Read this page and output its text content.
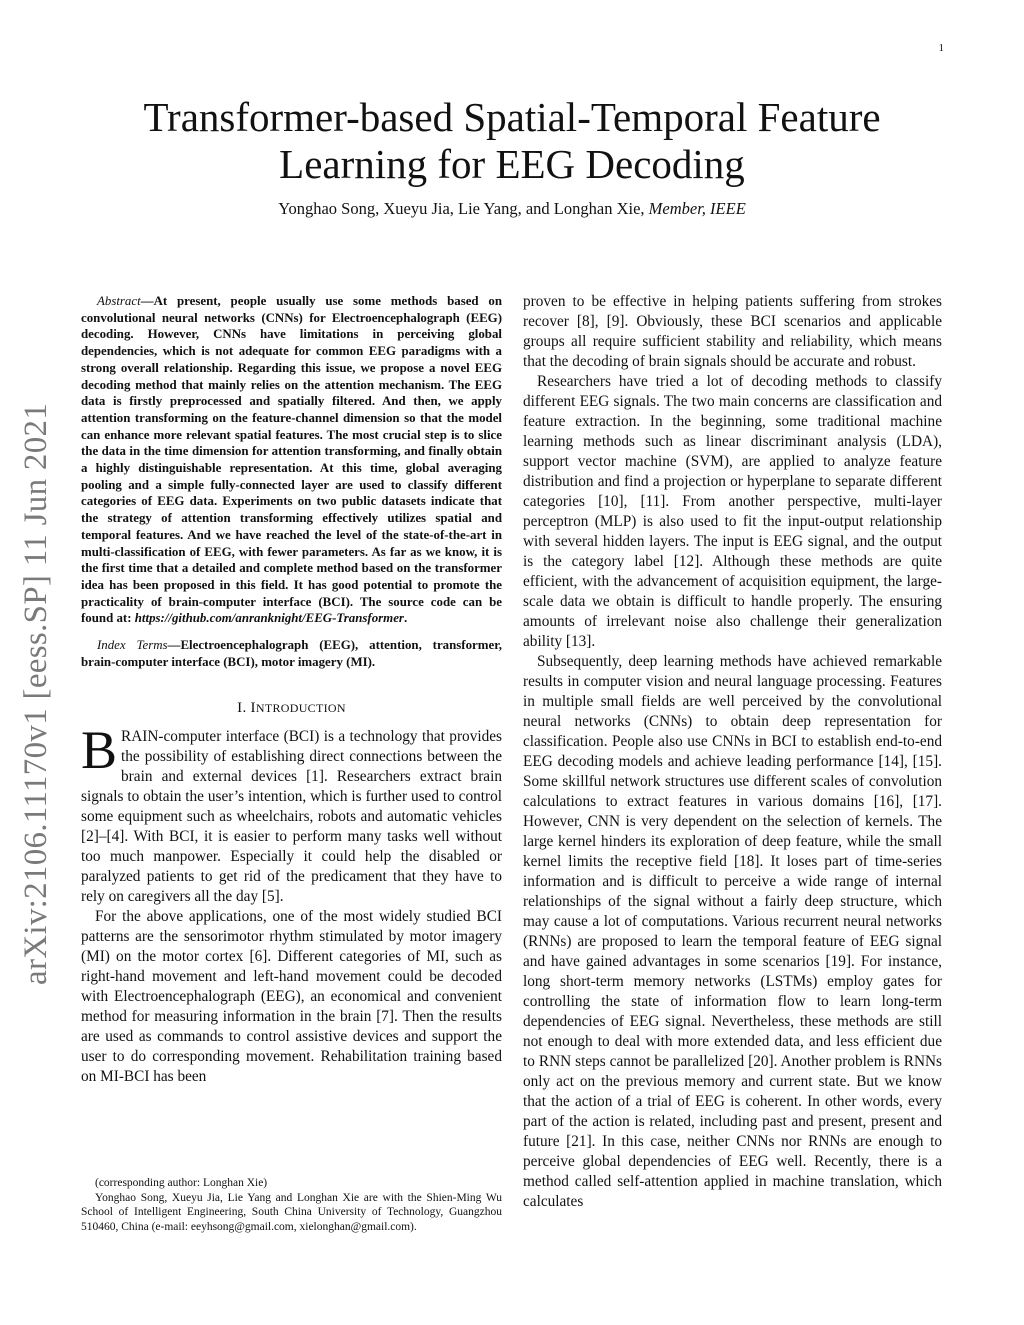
1
arXiv:2106.11170v1 [eess.SP] 11 Jun 2021
Transformer-based Spatial-Temporal Feature
Learning for EEG Decoding
Yonghao Song, Xueyu Jia, Lie Yang, and Longhan Xie, Member, IEEE

Abstract—At present, people usually use some methods based on convolutional neural networks (CNNs) for Electroencephalograph (EEG) decoding. However, CNNs have limitations in perceiving global dependencies, which is not adequate for common EEG paradigms with a strong overall relationship. Regarding this issue, we propose a novel EEG decoding method that mainly relies on the attention mechanism. The EEG data is firstly preprocessed and spatially filtered. And then, we apply attention transforming on the feature-channel dimension so that the model can enhance more relevant spatial features. The most crucial step is to slice the data in the time dimension for attention transforming, and finally obtain a highly distinguishable representation. At this time, global averaging pooling and a simple fully-connected layer are used to classify different categories of EEG data. Experiments on two public datasets indicate that the strategy of attention transforming effectively utilizes spatial and temporal features. And we have reached the level of the state-of-the-art in multi-classification of EEG, with fewer parameters. As far as we know, it is the first time that a detailed and complete method based on the transformer idea has been proposed in this field. It has good potential to promote the practicality of brain-computer interface (BCI). The source code can be found at: https://github.com/anranknight/EEG-Transformer.

Index Terms—Electroencephalograph (EEG), attention, transformer, brain-computer interface (BCI), motor imagery (MI).

I. INTRODUCTION

BRAIN-computer interface (BCI) is a technology that provides the possibility of establishing direct connections between the brain and external devices [1]. Researchers extract brain signals to obtain the user’s intention, which is further used to control some equipment such as wheelchairs, robots and automatic vehicles [2]–[4]. With BCI, it is easier to perform many tasks well without too much manpower. Especially it could help the disabled or paralyzed patients to get rid of the predicament that they have to rely on caregivers all the day [5].

For the above applications, one of the most widely studied BCI patterns are the sensorimotor rhythm stimulated by motor imagery (MI) on the motor cortex [6]. Different categories of MI, such as right-hand movement and left-hand movement could be decoded with Electroencephalograph (EEG), an economical and convenient method for measuring information in the brain [7]. Then the results are used as commands to control assistive devices and support the user to do corresponding movement. Rehabilitation training based on MI-BCI has been

(corresponding author: Longhan Xie)

Yonghao Song, Xueyu Jia, Lie Yang and Longhan Xie are with the Shien-Ming Wu School of Intelligent Engineering, South China University of Technology, Guangzhou 510460, China (e-mail: eeyhsong@gmail.com, xielonghan@gmail.com).

proven to be effective in helping patients suffering from strokes recover [8], [9]. Obviously, these BCI scenarios and applicable groups all require sufficient stability and reliability, which means that the decoding of brain signals should be accurate and robust.

Researchers have tried a lot of decoding methods to classify different EEG signals. The two main concerns are classification and feature extraction. In the beginning, some traditional machine learning methods such as linear discriminant analysis (LDA), support vector machine (SVM), are applied to analyze feature distribution and find a projection or hyperplane to separate different categories [10], [11]. From another perspective, multi-layer perceptron (MLP) is also used to fit the input-output relationship with several hidden layers. The input is EEG signal, and the output is the category label [12]. Although these methods are quite efficient, with the advancement of acquisition equipment, the large-scale data we obtain is difficult to handle properly. The ensuring amounts of irrelevant noise also challenge their generalization ability [13].

Subsequently, deep learning methods have achieved remarkable results in computer vision and neural language processing. Features in multiple small fields are well perceived by the convolutional neural networks (CNNs) to obtain deep representation for classification. People also use CNNs in BCI to establish end-to-end EEG decoding models and achieve leading performance [14], [15]. Some skillful network structures use different scales of convolution calculations to extract features in various domains [16], [17]. However, CNN is very dependent on the selection of kernels. The large kernel hinders its exploration of deep feature, while the small kernel limits the receptive field [18]. It loses part of time-series information and is difficult to perceive a wide range of internal relationships of the signal without a fairly deep structure, which may cause a lot of computations. Various recurrent neural networks (RNNs) are proposed to learn the temporal feature of EEG signal and have gained advantages in some scenarios [19]. For instance, long short-term memory networks (LSTMs) employ gates for controlling the state of information flow to learn long-term dependencies of EEG signal. Nevertheless, these methods are still not enough to deal with more extended data, and less efficient due to RNN steps cannot be parallelized [20]. Another problem is RNNs only act on the previous memory and current state. But we know that the action of a trial of EEG is coherent. In other words, every part of the action is related, including past and present, present and future [21]. In this case, neither CNNs nor RNNs are enough to perceive global dependencies of EEG well. Recently, there is a method called self-attention applied in machine translation, which calculates
